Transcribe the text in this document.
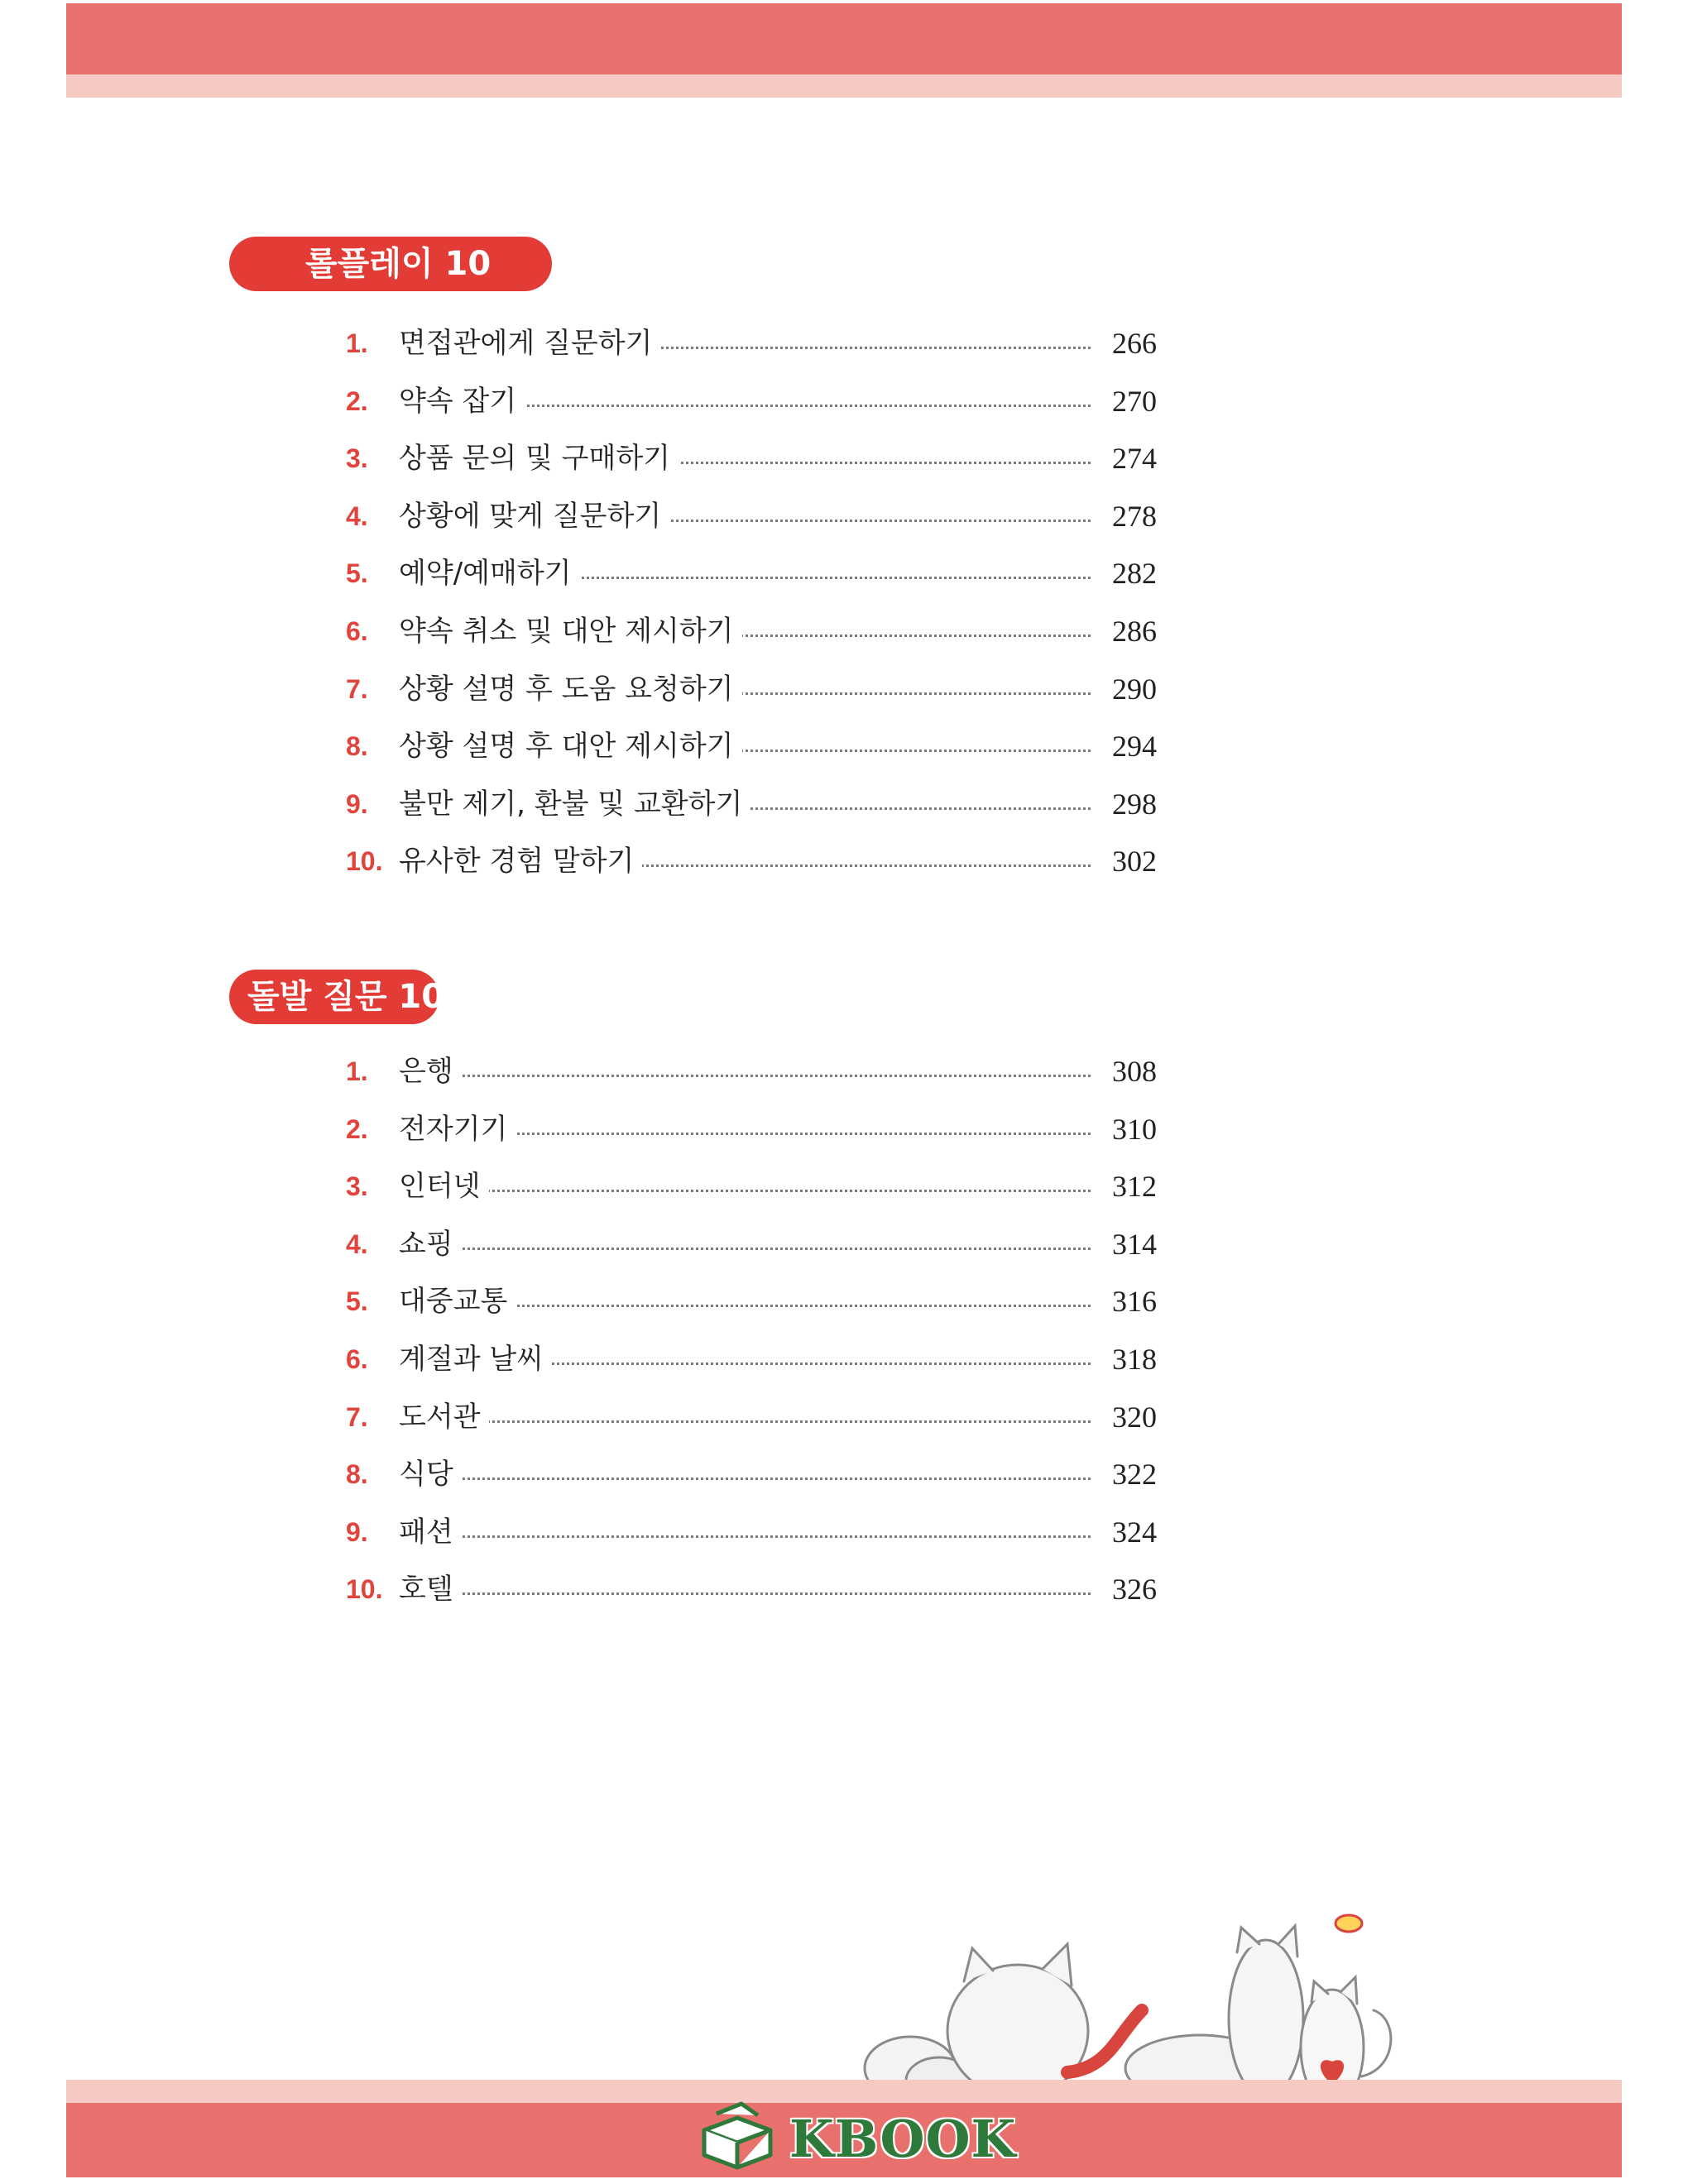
롤플레이 10
돌발 질문 10
1. 면접관에게 질문하기	266
2. 약속 잡기	270
3. 상품 문의 및 구매하기	274
4. 상황에 맞게 질문하기	278
5. 예약/예매하기	282
6. 약속 취소 및 대안 제시하기	286
7. 상황 설명 후 도움 요청하기	290
8. 상황 설명 후 대안 제시하기	294
9. 불만 제기, 환불 및 교환하기	298
10. 유사한 경험 말하기	302
1. 은행	308
2. 전자기기	310
3. 인터넷	312
4. 쇼핑	314
5. 대중교통	316
6. 계절과 날씨	318
7. 도서관	320
8. 식당	322
9. 패션	324
10. 호텔	326
KBOOK
